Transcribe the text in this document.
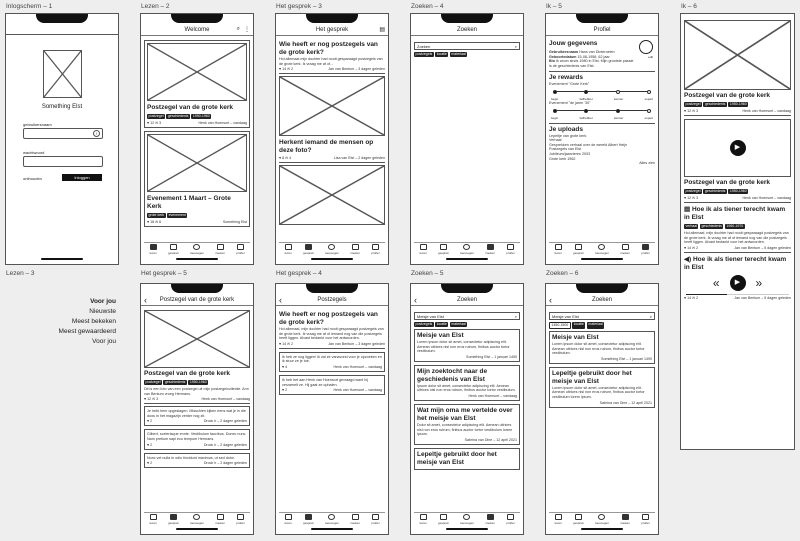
Inlogscherm – 1	Lezen – 2	Het gesprek – 3	Zoeken – 4	Ik – 5	Ik – 6
Lezen – 3	Het gesprek – 5	Het gesprek – 4	Zoeken – 5	Zoeken – 6
Something Elst
gebruikersnaam
!
wachtwoord
onthouden	Inloggen
Welcome	⌕ ⋮
Postzegel van de grote kerk
postzegel	geschiedenis	1950-1960
♥ 12 ✉ 3	Henk van Hoensort – vandaag
Evenement 1 Maart – Grote Kerk
grote kerk	evenement
♥ 18 ✉ 6	Something Elst
lezen	gesprek	toevoegen	zoeken	profiel
Het gesprek	▤
Wie heeft er nog postzegels van de grote kerk?
Hoi allemaal mijn dochter had nooit gesparaagd postzegels van de grote kerk. Ik vraag me af of...
♥ 14 ✉ 2	Jan van Bentum – 3 dagen geleden
Herkent iemand de mensen op deze foto?
♥ 8 ✉ 4	Lisa van Elst – 2 dagen geleden
lezen	gesprek	toevoegen	zoeken	profiel
Zoeken
Zoeken	⌕
postzegels	locatie	materiaal
lezen	gesprek	toevoegen	zoeken	profiel
Profiel
Jouw gegevens
edit
Gebruikersnaam Hans van Dinteroelen
Geboortedatum 15-08-1958, 62 jaar
Bio Ik woon sinds 1980 in Elst. Mijn grootste passie is de geschiedenis van Elst.
Je rewards
Evenement "Grote Kerk"
begin	liefhebber	kenner	expert
Evenement "de jaren '30"
begin	liefhebber	kenner	expert
Je uploads
Lepeltje van grote kerk
Verhaal
Gesprekken verhaal over de wereld Albert Heijn
Postzegels van Elst
Jubileum/jaarvieren 2003
Grote kerk 1962
Alles zien
lezen	gesprek	toevoegen	zoeken	profiel
Postzegel van de grote kerk
postzegel	geschiedenis	1950-1960
♥ 12 ✉ 3	Henk van Hoensort – vandaag
▶
Postzegel van de grote kerk
postzegel	geschiedenis	1950-1960
♥ 12 ✉ 3	Henk van Hoensort – vandaag
▤ Hoe ik als tiener terecht kwam in Elst
verhaal	geschiedenis	1960-1970
Hoi allemaal, mijn dochter had nooit gesparaagd postzegels van de grote kerk. Ik vraag me af of iemand nog van die postzegels heeft liggen. Alvast bedankt voor het antwoorden.
♥ 14 ✉ 2	Jan van Bentum – 5 dagen geleden
◀) Hoe ik als tiener terecht kwam in Elst
«	▶	»
♥ 14 ✉ 2	Jan van Bentum – 5 dagen geleden
Voor jou
Nieuwste
Meest bekeken
Meest gewaardeerd
Voor jou
‹ Postzegel van de grote kerk
Postzegel van de grote kerk
postzegel	geschiedenis	1950-1960
Dit is een foto van een postzegel uit mijn postzegelcollectie. Ann van Bentum vroeg Hermans.
♥ 12 ✉ 3	Henk van Hoensort – vandaag
Je hebt hem opgeslagen. Misschien kijken eens wat je in die doos in het magazijn verder nog zit.
♥ 2	Drock h – 2 dagen geleden
Gilbert, scelerisque ennte. Vestibulum faucibus. Donec nunc. Nam pretium sapi ecu tempum Hermans.
♥ 2	Drock h – 2 dagen geleden
Nunc vel nulla in odio tincidunt maximus, ut sed dolor.
♥ 2	Drock h – 2 dagen geleden
lezen	gesprek	toevoegen	zoeken	profiel
‹	Postzegels
Wie heeft er nog postzegels van de grote kerk?
Hoi allemaal, mijn dochter had nooit gesparaagd postzegels van de grote kerk. Ik vraag me af of iemand nog van die postzegels heeft liggen. Alvast bedankt voor het antwoorden.
♥ 14 ✉ 2	Jan van Bentum – 3 dagen geleden
Ik heb ze nog liggen! Ik zal ze vanavond voor je opzoeken en ik stuur ze je toe.
♥ 4	Henk van Hoensort – vandaag
Ik heb het aan Henk van Hoensort gevraagd want hij verzamelt ze. Hij gaat ze ophalen.
♥ 2	Henk van Hoensort – vandaag
lezen	gesprek	toevoegen	zoeken	profiel
‹	Zoeken
Meisje van Elst	⌕
postzegels	locatie	materiaal
Meisje van Elst
Lorem ipsum dolor sit amet, consectetur adipiscing elit. Aenean ultrices nisl non eros rutrum, finibus auctor tortor vestibulum.
Something Elst – 1 januari 1490
Mijn zoektocht naar de geschiedenis van Elst
Ipsum dolor sit amet, consectetur adipiscing elit. Aenean ultrices nisl non eros rutrum, finibus auctor tortor vestibulum.
Henk van Hoensort – vandaag
Wat mijn oma me vertelde over het meisje van Elst
Dolor sit amet, consectetur adipiscing elit. Aenean ultrices nisl non eros rutrum, finibus auctor tortor vestibulum lorem ipsum.
Sabrina van Dine – 12 april 2021
Lepeltje gebruikt door het meisje van Elst
lezen	gesprek	toevoegen	zoeken	profiel
‹	Zoeken
Meisje van Elst	⌕
1450-1500	locatie	materiaal
Meisje van Elst
Lorem ipsum dolor sit amet, consectetur adipiscing elit. Aenean ultrices nisl non eros rutrum, finibus auctor tortor vestibulum.
Something Elst – 1 januari 1490
Lepeltje gebruikt door het meisje van Elst
Lorem ipsum dolor sit amet, consectetur adipiscing elit. Aenean ultrices nisl non eros rutrum, finibus auctor tortor vestibulum lorem ipsum.
Sabrina van Dine – 12 april 2021
lezen	gesprek	toevoegen	zoeken	profiel
